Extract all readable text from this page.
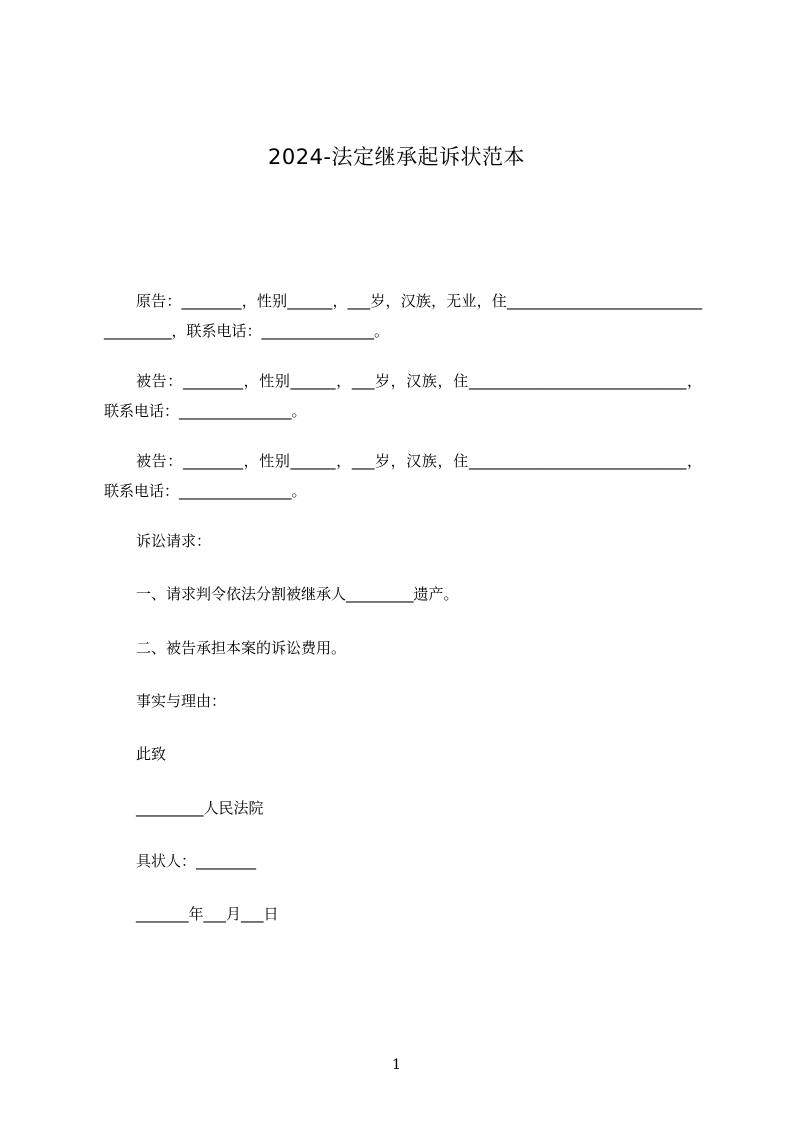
2024-法定继承起诉状范本
原告：________，性别______，___岁，汉族，无业，住___________________________________，联系电话：_______________。
被告：________，性别______，___岁，汉族，住_____________________________，联系电话：_______________。
被告：________，性别______，___岁，汉族，住_____________________________，联系电话：_______________。
诉讼请求：
一、请求判令依法分割被继承人_________遗产。
二、被告承担本案的诉讼费用。
事实与理由：
此致
_________人民法院
具状人：________
_______年___月___日
1
